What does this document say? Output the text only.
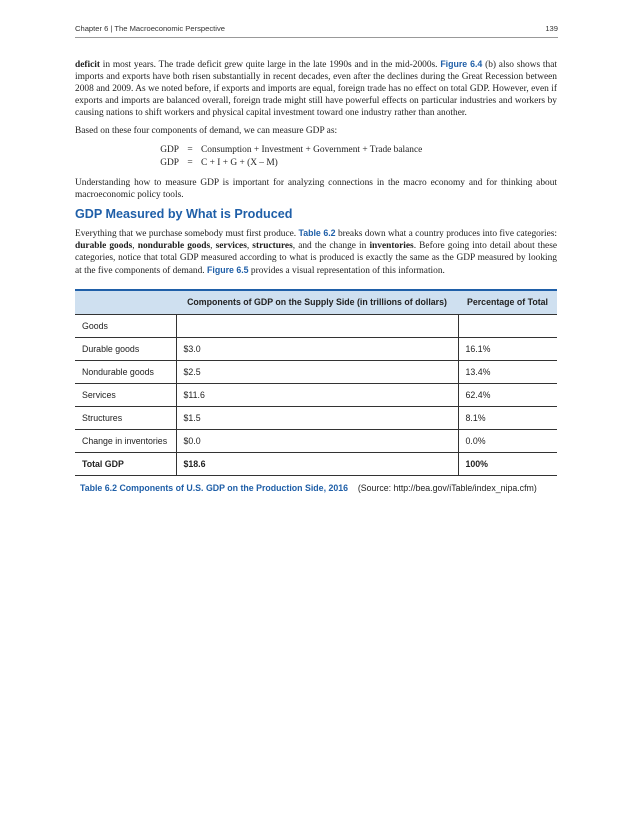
Chapter 6 | The Macroeconomic Perspective	139

deficit in most years. The trade deficit grew quite large in the late 1990s and in the mid-2000s. Figure 6.4 (b) also shows that imports and exports have both risen substantially in recent decades, even after the declines during the Great Recession between 2008 and 2009. As we noted before, if exports and imports are equal, foreign trade has no effect on total GDP. However, even if exports and imports are balanced overall, foreign trade might still have powerful effects on particular industries and workers by causing nations to shift workers and physical capital investment toward one industry rather than another.

Based on these four components of demand, we can measure GDP as:

GDP = Consumption + Investment + Government + Trade balance
GDP = C + I + G + (X – M)

Understanding how to measure GDP is important for analyzing connections in the macro economy and for thinking about macroeconomic policy tools.

GDP Measured by What is Produced

Everything that we purchase somebody must first produce. Table 6.2 breaks down what a country produces into five categories: durable goods, nondurable goods, services, structures, and the change in inventories. Before going into detail about these categories, notice that total GDP measured according to what is produced is exactly the same as the GDP measured by looking at the five components of demand. Figure 6.5 provides a visual representation of this information.

	Components of GDP on the Supply Side (in trillions of dollars)	Percentage of Total
Goods		
Durable goods	$3.0	16.1%
Nondurable goods	$2.5	13.4%
Services	$11.6	62.4%
Structures	$1.5	8.1%
Change in inventories	$0.0	0.0%
Total GDP	$18.6	100%
Table 6.2 Components of U.S. GDP on the Production Side, 2016 (Source: http://bea.gov/iTable/index_nipa.cfm)
